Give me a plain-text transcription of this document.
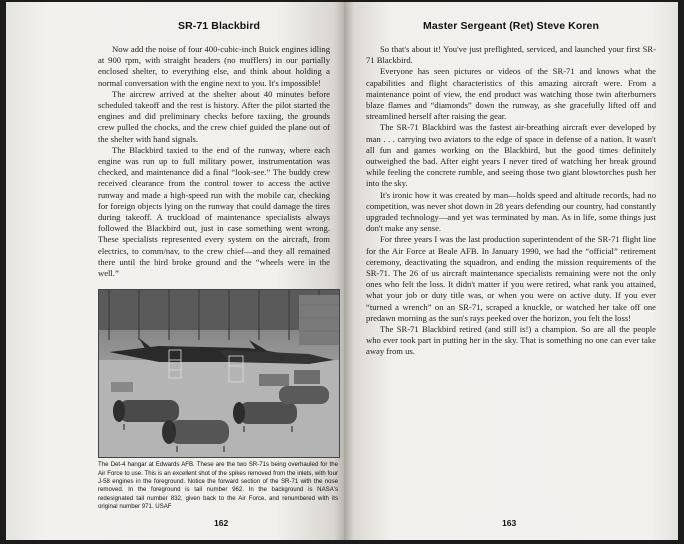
SR-71 Blackbird

Now add the noise of four 400-cubic-inch Buick engines idling at 900 rpm, with straight headers (no mufflers) in our partially enclosed shelter, to everything else, and think about holding a normal conversation with the engine next to you. It's impossible!

The aircrew arrived at the shelter about 40 minutes before scheduled takeoff and the rest is history. After the pilot started the engines and did preliminary checks before taxiing, the grounds crew pulled the chocks, and the crew chief guided the plane out of the shelter with hand signals.

The Blackbird taxied to the end of the runway, where each engine was run up to full military power, instrumentation was checked, and maintenance did a final “look-see.” The buddy crew received clearance from the control tower to access the active runway and made a high-speed run with the mobile car, checking for foreign objects lying on the runway that could damage the tires during takeoff. A truckload of maintenance specialists always followed the Blackbird out, just in case something went wrong. These specialists represented every system on the aircraft, from electrics, to comm/nav, to the crew chief—and they all remained there until the bird broke ground and the “wheels were in the well.”

The Det-4 hangar at Edwards AFB. These are the two SR-71s being overhauled for the Air Force to use. This is an excellent shot of the spikes removed from the inlets, with four J-58 engines in the foreground. Notice the forward section of the SR-71 with the nose removed. In the foreground is tail number 962. In the background is NASA's redesignated tail number 832, given back to the Air Force, and renumbered with its original number 971. USAF
162
Master Sergeant (Ret) Steve Koren

So that's about it! You've just preflighted, serviced, and launched your first SR-71 Blackbird.

Everyone has seen pictures or videos of the SR-71 and knows what the capabilities and flight characteristics of this amazing aircraft were. From a maintenance point of view, the end product was watching those twin afterburners blaze flames and “diamonds” down the runway, as she gracefully lifted off and streamlined herself after raising the gear.

The SR-71 Blackbird was the fastest air-breathing aircraft ever developed by man . . . carrying two aviators to the edge of space in defense of a nation. It wasn't all fun and games working on the Blackbird, but the good times definitely outweighed the bad. After eight years I never tired of watching her break ground while feeling the concrete rumble, and seeing those two giant blowtorches push her into the sky.

It's ironic how it was created by man—holds speed and altitude records, had no competition, was never shot down in 28 years defending our country, had constantly upgraded technology—and yet was terminated by man. As in life, some things just don't make any sense.

For three years I was the last production superintendent of the SR-71 flight line for the Air Force at Beale AFB. In January 1990, we had the “official” retirement ceremony, deactivating the squadron, and ending the mission requirements of the SR-71. The 26 of us aircraft maintenance specialists remaining were not the only ones who felt the loss. It didn't matter if you were retired, what rank you attained, what your job or duty title was, or when you were on active duty. If you ever “turned a wrench” on an SR-71, scraped a knuckle, or watched her take off one predawn morning as the sun's rays peeked over the horizon, you felt the loss!

The SR-71 Blackbird retired (and still is!) a champion. So are all the people who ever took part in putting her in the sky. That is something no one can ever take away from us.

163
